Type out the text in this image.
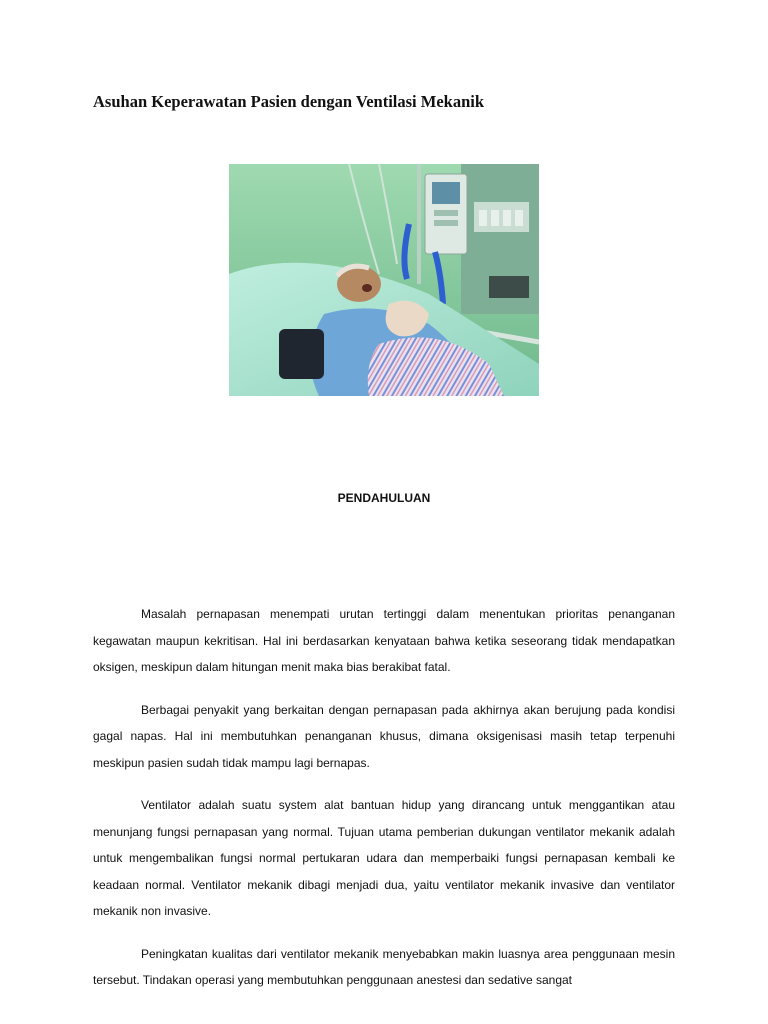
Asuhan Keperawatan Pasien dengan Ventilasi Mekanik
PENDAHULUAN

Masalah pernapasan menempati urutan tertinggi dalam menentukan prioritas penanganan kegawatan maupun kekritisan. Hal ini berdasarkan kenyataan bahwa ketika seseorang tidak mendapatkan oksigen, meskipun dalam hitungan menit maka bias berakibat fatal.

Berbagai penyakit yang berkaitan dengan pernapasan pada akhirnya akan berujung pada kondisi gagal napas. Hal ini membutuhkan penanganan khusus, dimana oksigenisasi masih tetap terpenuhi meskipun pasien sudah tidak mampu lagi bernapas.

Ventilator adalah suatu system alat bantuan hidup yang dirancang untuk menggantikan atau menunjang fungsi pernapasan yang normal. Tujuan utama pemberian dukungan ventilator mekanik adalah untuk mengembalikan fungsi normal pertukaran udara dan memperbaiki fungsi pernapasan kembali ke keadaan normal. Ventilator mekanik dibagi menjadi dua, yaitu ventilator mekanik invasive dan ventilator mekanik non invasive.

Peningkatan kualitas dari ventilator mekanik menyebabkan makin luasnya area penggunaan mesin tersebut. Tindakan operasi yang membutuhkan penggunaan anestesi dan sedative sangat
